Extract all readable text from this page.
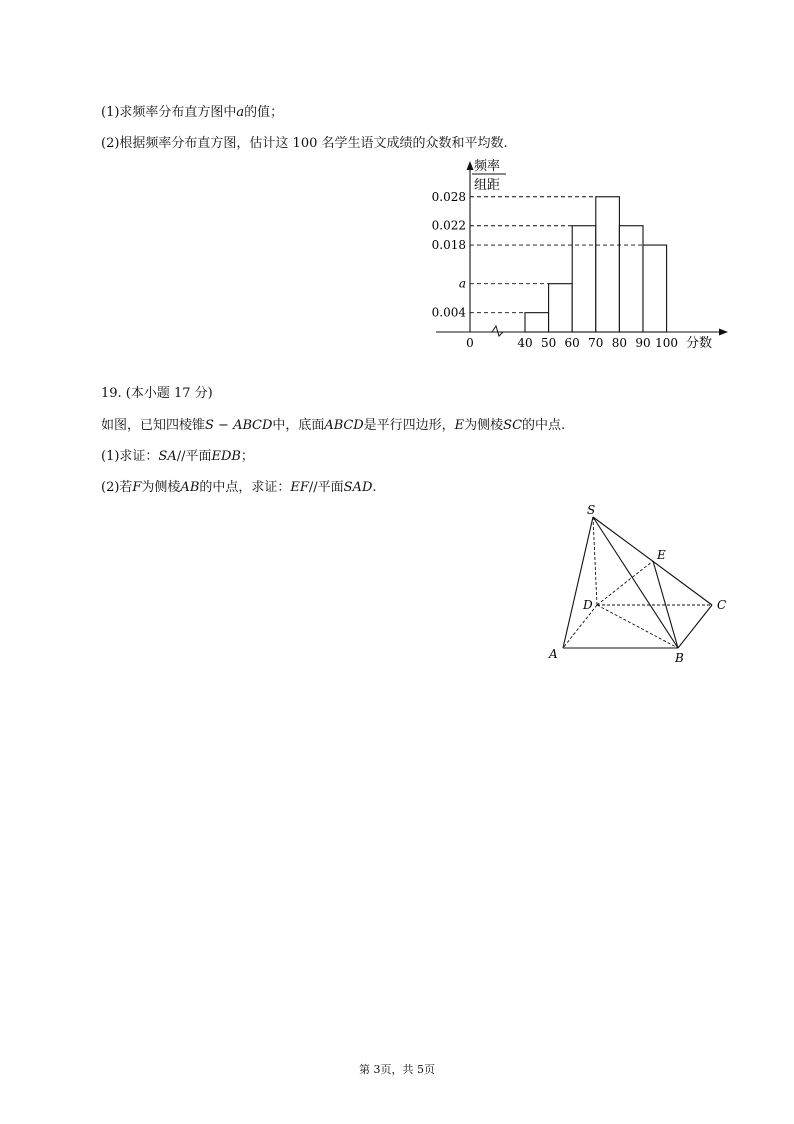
(1)求频率分布直方图中𝑎的值；
(2)根据频率分布直方图，估计这 100 名学生语文成绩的众数和平均数.
频率
组距
0.028
0.022
0.018
a
0.004
40 50 60 70 80 90 100
0	分数
19. (本小题 17 分)
如图，已知四棱锥𝑆 − 𝐴𝐵𝐶𝐷中，底面𝐴𝐵𝐶𝐷是平行四边形，𝐸为侧棱𝑆𝐶的中点.
(1)求证：𝑆𝐴//平面𝐸𝐷𝐵；
(2)若𝐹为侧棱𝐴𝐵的中点，求证：𝐸𝐹//平面𝑆𝐴𝐷.
S
E
D	C
A	B
第 3页，共 5页
